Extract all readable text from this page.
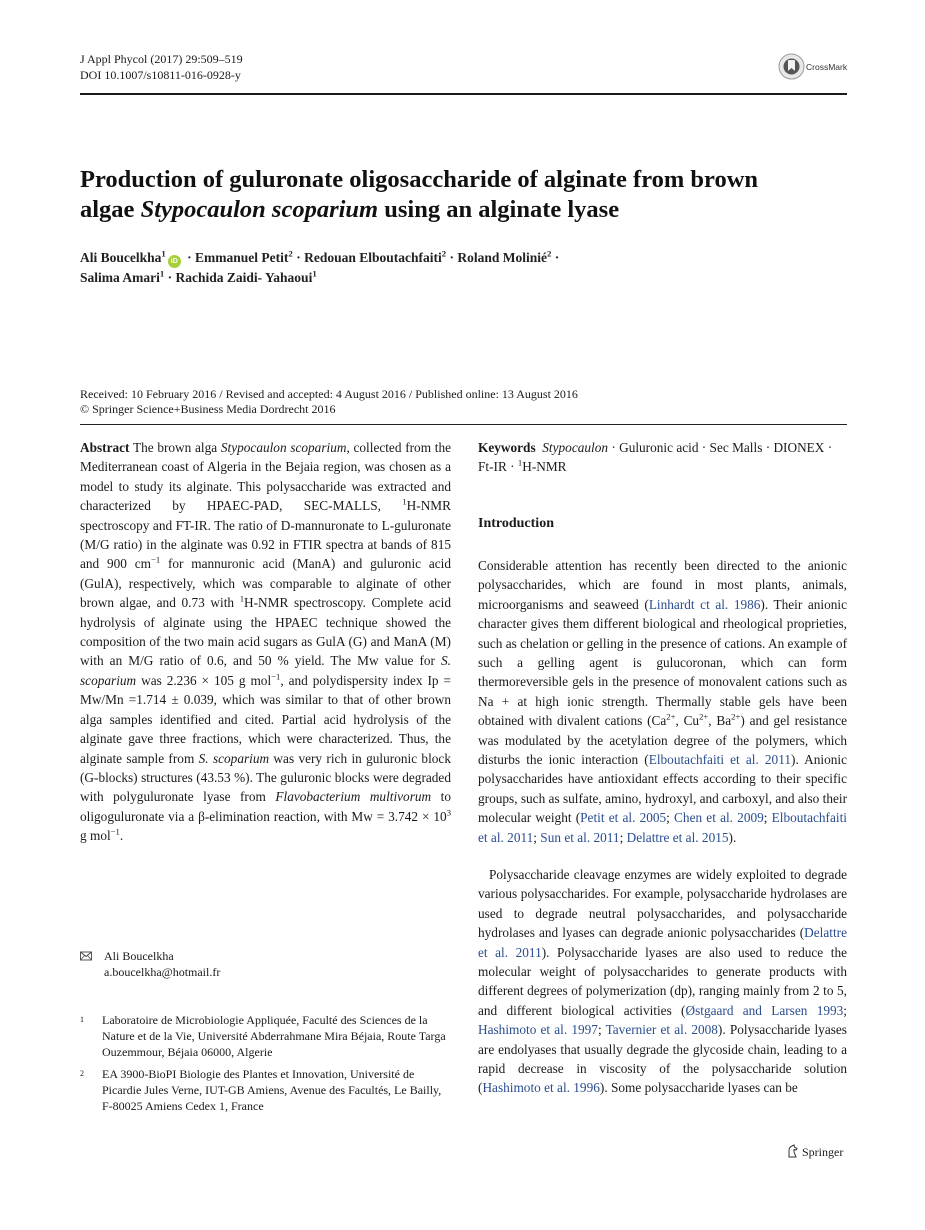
J Appl Phycol (2017) 29:509–519
DOI 10.1007/s10811-016-0928-y
CrossMark
Production of guluronate oligosaccharide of alginate from brown
algae Stypocaulon scoparium using an alginate lyase
Ali Boucelkha$^1$iD · Emmanuel Petit$^2$ · Redouan Elboutachfaiti$^2$ · Roland Molinié$^2$ ·
Salima Amari$^1$ · Rachida Zaidi- Yahaoui$^1$
Received: 10 February 2016 / Revised and accepted: 4 August 2016 / Published online: 13 August 2016
© Springer Science+Business Media Dordrecht 2016
Abstract The brown alga Stypocaulon scoparium, collected from the Mediterranean coast of Algeria in the Bejaia region, was chosen as a model to study its alginate. This polysaccharide was extracted and characterized by HPAEC-PAD, SEC-MALLS, $^1$H-NMR spectroscopy and FT-IR. The ratio of D-mannuronate to L-guluronate (M/G ratio) in the alginate was 0.92 in FTIR spectra at bands of 815 and 900 $cm^{-1}$ for mannuronic acid (ManA) and guluronic acid (GulA), respectively, which was comparable to alginate of other brown algae, and 0.73 with $^1$H-NMR spectroscopy. Complete acid hydrolysis of alginate using the HPAEC technique showed the composition of the two main acid sugars as GulA (G) and ManA (M) with an M/G ratio of 0.6, and 50 % yield. The Mw value for S. scoparium was 2.236 × 105 g mol$^{-1}$, and polydispersity index Ip = Mw/Mn =1.714 ± 0.039, which was similar to that of other brown alga samples identified and cited. Partial acid hydrolysis of the alginate gave three fractions, which were characterized. Thus, the alginate sample from S. scoparium was very rich in guluronic block (G-blocks) structures (43.53 %). The guluronic blocks were degraded with polyguluronate lyase from Flavobacterium multivorum to oligoguluronate via a β-elimination reaction, with $Mw = 3.742 \times 10^3$ g mol$^{-1}$.
Keywords Stypocaulon · Guluronic acid · Sec Malls · DIONEX · Ft-IR · $^1$H-NMR
Introduction
Considerable attention has recently been directed to the anionic polysaccharides, which are found in most plants, animals, microorganisms and seaweed (Linhardt ct al. 1986). Their anionic character gives them different biological and rheological proprieties, such as chelation or gelling in the presence of cations. An example of such a gelling agent is gulucoronan, which can form thermoreversible gels in the presence of monovalent cations such as Na + at high ionic strength. Thermally stable gels have been obtained with divalent cations ($Ca^{2+}$, $Cu^{2+}$, $Ba^{2+}$) and gel resistance was modulated by the acetylation degree of the polymers, which disturbs the ionic interaction (Elboutachfaiti et al. 2011). Anionic polysaccharides have antioxidant effects according to their specific groups, such as sulfate, amino, hydroxyl, and carboxyl, and also their molecular weight (Petit et al. 2005; Chen et al. 2009; Elboutachfaiti et al. 2011; Sun et al. 2011; Delattre et al. 2015).
Polysaccharide cleavage enzymes are widely exploited to degrade various polysaccharides. For example, polysaccharide hydrolases are used to degrade neutral polysaccharides, and polysaccharide hydrolases and lyases can degrade anionic polysaccharides (Delattre et al. 2011). Polysaccharide lyases are also used to reduce the molecular weight of polysaccharides to generate products with different degrees of polymerization (dp), ranging mainly from 2 to 5, and different biological activities (Østgaard and Larsen 1993; Hashimoto et al. 1997; Tavernier et al. 2008). Polysaccharide lyases are endolyases that usually degrade the glycoside chain, leading to a rapid decrease in viscosity of the polysaccharide solution (Hashimoto et al. 1996). Some polysaccharide lyases can be
Ali Boucelkha
a.boucelkha@hotmail.fr
1	Laboratoire de Microbiologie Appliquée, Faculté des Sciences de la Nature et de la Vie, Université Abderrahmane Mira Béjaia, Route Targa Ouzemmour, Béjaia 06000, Algerie
2	EA 3900-BioPI Biologie des Plantes et Innovation, Université de Picardie Jules Verne, IUT-GB Amiens, Avenue des Facultés, Le Bailly, F-80025 Amiens Cedex 1, France
Springer
